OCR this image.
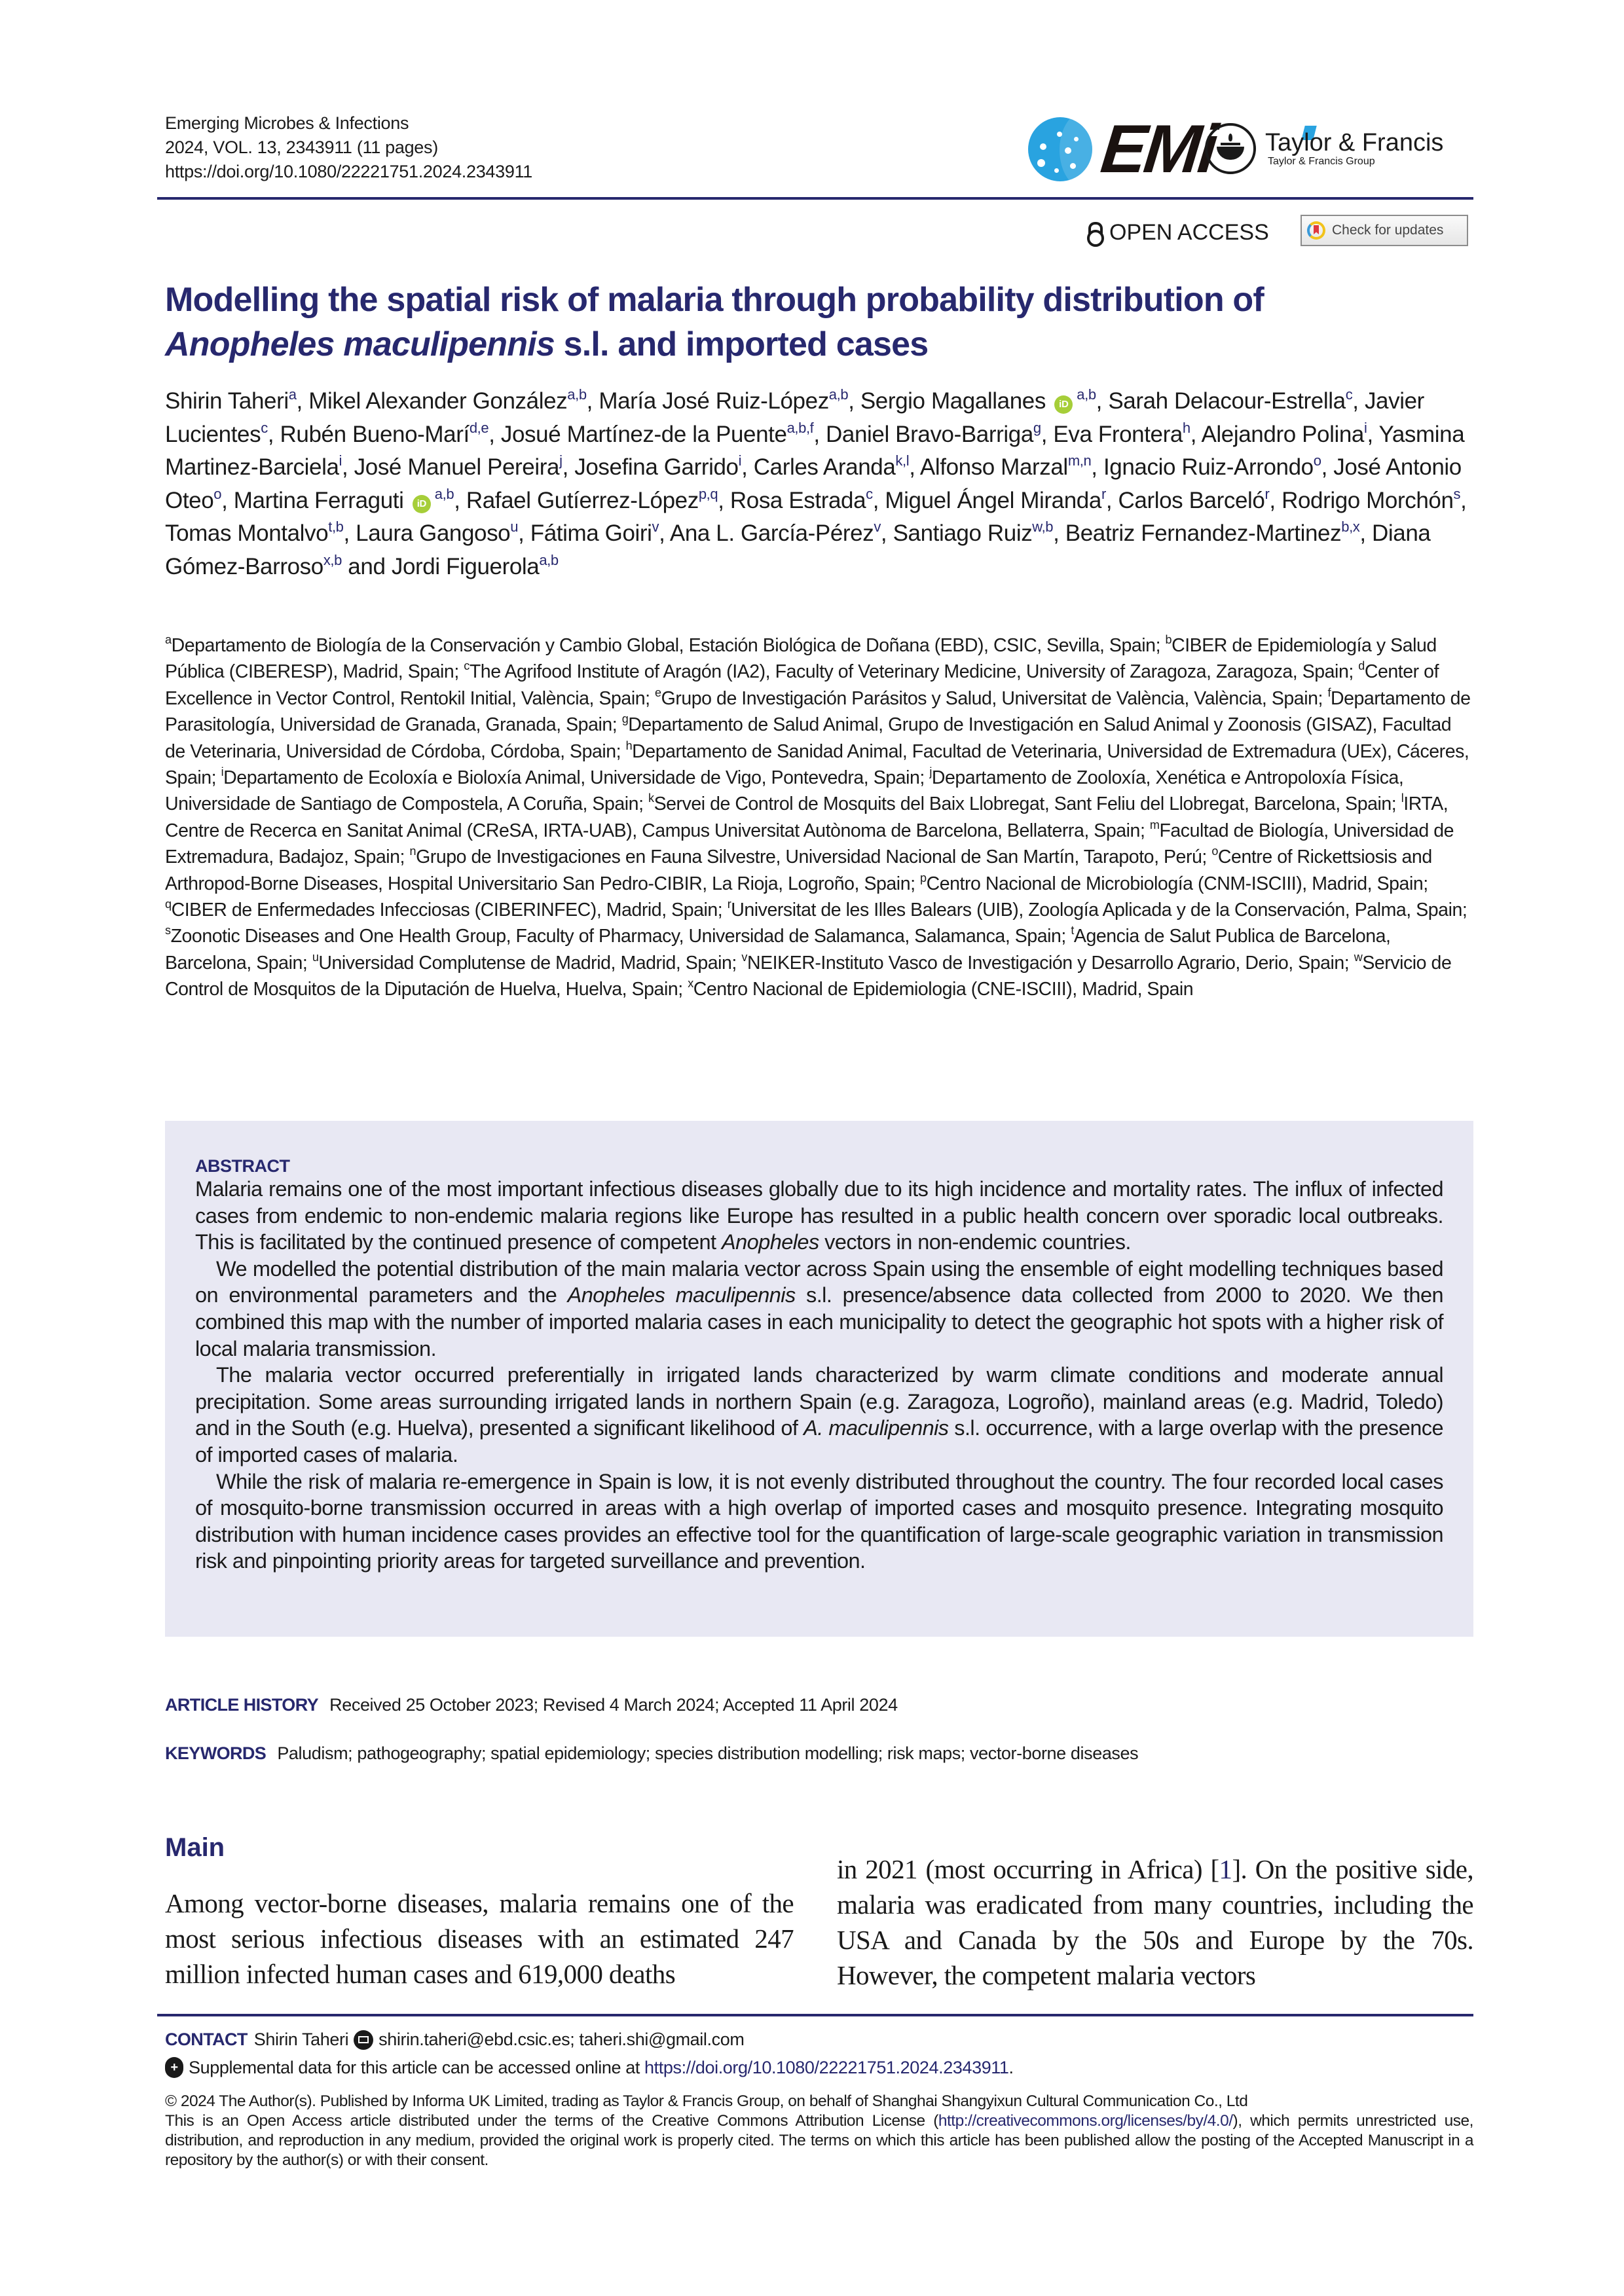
Emerging Microbes & Infections
2024, VOL. 13, 2343911 (11 pages)
https://doi.org/10.1080/22221751.2024.2343911	EMi Taylor & Francis
Taylor & Francis Group
OPEN ACCESS	Check for updates
Modelling the spatial risk of malaria through probability distribution of
Anopheles maculipennis s.l. and imported cases
Shirin Taheri$^a$, Mikel Alexander González$^{a,b}$, María José Ruiz-López$^{a,b}$, Sergio Magallanes iD$^{a,b}$, Sarah Delacour-Estrella$^c$, Javier Lucientes$^c$, Rubén Bueno-Marí$^{d,e}$, Josué Martínez-de la Puente$^{a,b,f}$, Daniel Bravo-Barriga$^g$, Eva Frontera$^h$, Alejandro Polina$^i$, Yasmina Martinez-Barciela$^i$, José Manuel Pereira$^j$, Josefina Garrido$^i$, Carles Aranda$^{k,l}$, Alfonso Marzal$^{m,n}$, Ignacio Ruiz-Arrondo$^o$, José Antonio Oteo$^o$, Martina Ferraguti iD$^{a,b}$, Rafael Gutíerrez-López$^{p,q}$, Rosa Estrada$^c$, Miguel Ángel Miranda$^r$, Carlos Barceló$^r$, Rodrigo Morchón$^s$, Tomas Montalvo$^{t,b}$, Laura Gangoso$^u$, Fátima Goiri$^v$, Ana L. García-Pérez$^v$, Santiago Ruiz$^{w,b}$, Beatriz Fernandez-Martinez$^{b,x}$, Diana Gómez-Barroso$^{x,b}$ and Jordi Figuerola$^{a,b}$
$^a$Departamento de Biología de la Conservación y Cambio Global, Estación Biológica de Doñana (EBD), CSIC, Sevilla, Spain; $^b$CIBER de Epidemiología y Salud Pública (CIBERESP), Madrid, Spain; $^c$The Agrifood Institute of Aragón (IA2), Faculty of Veterinary Medicine, University of Zaragoza, Zaragoza, Spain; $^d$Center of Excellence in Vector Control, Rentokil Initial, València, Spain; $^e$Grupo de Investigación Parásitos y Salud, Universitat de València, València, Spain; $^f$Departamento de Parasitología, Universidad de Granada, Granada, Spain; $^g$Departamento de Salud Animal, Grupo de Investigación en Salud Animal y Zoonosis (GISAZ), Facultad de Veterinaria, Universidad de Córdoba, Córdoba, Spain; $^h$Departamento de Sanidad Animal, Facultad de Veterinaria, Universidad de Extremadura (UEx), Cáceres, Spain; $^i$Departamento de Ecoloxía e Bioloxía Animal, Universidade de Vigo, Pontevedra, Spain; $^j$Departamento de Zooloxía, Xenética e Antropoloxía Física, Universidade de Santiago de Compostela, A Coruña, Spain; $^k$Servei de Control de Mosquits del Baix Llobregat, Sant Feliu del Llobregat, Barcelona, Spain; $^l$IRTA, Centre de Recerca en Sanitat Animal (CReSA, IRTA-UAB), Campus Universitat Autònoma de Barcelona, Bellaterra, Spain; $^m$Facultad de Biología, Universidad de Extremadura, Badajoz, Spain; $^n$Grupo de Investigaciones en Fauna Silvestre, Universidad Nacional de San Martín, Tarapoto, Perú; $^o$Centre of Rickettsiosis and Arthropod-Borne Diseases, Hospital Universitario San Pedro-CIBIR, La Rioja, Logroño, Spain; $^p$Centro Nacional de Microbiología (CNM-ISCIII), Madrid, Spain; $^q$CIBER de Enfermedades Infecciosas (CIBERINFEC), Madrid, Spain; $^r$Universitat de les Illes Balears (UIB), Zoología Aplicada y de la Conservación, Palma, Spain; $^s$Zoonotic Diseases and One Health Group, Faculty of Pharmacy, Universidad de Salamanca, Salamanca, Spain; $^t$Agencia de Salut Publica de Barcelona, Barcelona, Spain; $^u$Universidad Complutense de Madrid, Madrid, Spain; $^v$NEIKER-Instituto Vasco de Investigación y Desarrollo Agrario, Derio, Spain; $^w$Servicio de Control de Mosquitos de la Diputación de Huelva, Huelva, Spain; $^x$Centro Nacional de Epidemiologia (CNE-ISCIII), Madrid, Spain
ABSTRACT

Malaria remains one of the most important infectious diseases globally due to its high incidence and mortality rates. The influx of infected cases from endemic to non-endemic malaria regions like Europe has resulted in a public health concern over sporadic local outbreaks. This is facilitated by the continued presence of competent Anopheles vectors in non-endemic countries.

We modelled the potential distribution of the main malaria vector across Spain using the ensemble of eight modelling techniques based on environmental parameters and the Anopheles maculipennis s.l. presence/absence data collected from 2000 to 2020. We then combined this map with the number of imported malaria cases in each municipality to detect the geographic hot spots with a higher risk of local malaria transmission.

The malaria vector occurred preferentially in irrigated lands characterized by warm climate conditions and moderate annual precipitation. Some areas surrounding irrigated lands in northern Spain (e.g. Zaragoza, Logroño), mainland areas (e.g. Madrid, Toledo) and in the South (e.g. Huelva), presented a significant likelihood of A. maculipennis s.l. occurrence, with a large overlap with the presence of imported cases of malaria.

While the risk of malaria re-emergence in Spain is low, it is not evenly distributed throughout the country. The four recorded local cases of mosquito-borne transmission occurred in areas with a high overlap of imported cases and mosquito presence. Integrating mosquito distribution with human incidence cases provides an effective tool for the quantification of large-scale geographic variation in transmission risk and pinpointing priority areas for targeted surveillance and prevention.

ARTICLE HISTORY Received 25 October 2023; Revised 4 March 2024; Accepted 11 April 2024
KEYWORDS Paludism; pathogeography; spatial epidemiology; species distribution modelling; risk maps; vector-borne diseases
Main
Among vector-borne diseases, malaria remains one of the most serious infectious diseases with an estimated 247 million infected human cases and 619,000 deaths
in 2021 (most occurring in Africa) [1]. On the positive side, malaria was eradicated from many countries, including the USA and Canada by the 50s and Europe by the 70s. However, the competent malaria vectors
CONTACT Shirin Taheri shirin.taheri@ebd.csic.es; taheri.shi@gmail.com
+ Supplemental data for this article can be accessed online at https://doi.org/10.1080/22221751.2024.2343911 .
© 2024 The Author(s). Published by Informa UK Limited, trading as Taylor & Francis Group, on behalf of Shanghai Shangyixun Cultural Communication Co., Ltd
This is an Open Access article distributed under the terms of the Creative Commons Attribution License (http://creativecommons.org/licenses/by/4.0/), which permits unrestricted use, distribution, and reproduction in any medium, provided the original work is properly cited. The terms on which this article has been published allow the posting of the Accepted Manuscript in a repository by the author(s) or with their consent.
